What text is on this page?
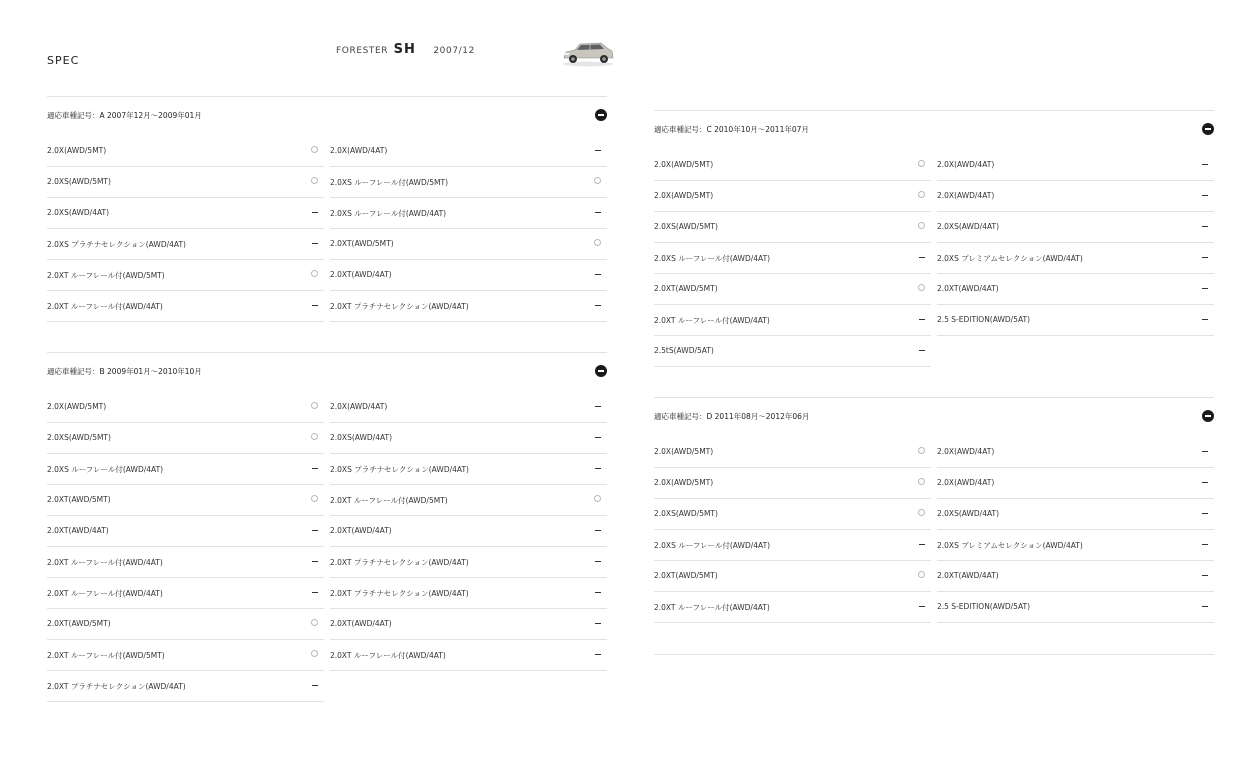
SPEC
FORESTER SH 2007/12
適応車種記号：A 2007年12月～2009年01月
2.0X(AWD/5MT)
2.0XS(AWD/5MT)
2.0XS(AWD/4AT)
2.0XS プラチナセレクション(AWD/4AT)
2.0XT ルーフレール付(AWD/5MT)
2.0XT ルーフレール付(AWD/4AT)
2.0X(AWD/4AT)
2.0XS ルーフレール付(AWD/5MT)
2.0XS ルーフレール付(AWD/4AT)
2.0XT(AWD/5MT)
2.0XT(AWD/4AT)
2.0XT プラチナセレクション(AWD/4AT)
適応車種記号：B 2009年01月～2010年10月
2.0X(AWD/5MT)
2.0XS(AWD/5MT)
2.0XS ルーフレール付(AWD/4AT)
2.0XT(AWD/5MT)
2.0XT(AWD/4AT)
2.0XT ルーフレール付(AWD/4AT)
2.0XT ルーフレール付(AWD/4AT)
2.0XT(AWD/5MT)
2.0XT ルーフレール付(AWD/5MT)
2.0XT プラチナセレクション(AWD/4AT)
2.0X(AWD/4AT)
2.0XS(AWD/4AT)
2.0XS プラチナセレクション(AWD/4AT)
2.0XT ルーフレール付(AWD/5MT)
2.0XT(AWD/4AT)
2.0XT プラチナセレクション(AWD/4AT)
2.0XT プラチナセレクション(AWD/4AT)
2.0XT(AWD/4AT)
2.0XT ルーフレール付(AWD/4AT)
適応車種記号：C 2010年10月～2011年07月
2.0X(AWD/5MT)
2.0X(AWD/5MT)
2.0XS(AWD/5MT)
2.0XS ルーフレール付(AWD/4AT)
2.0XT(AWD/5MT)
2.0XT ルーフレール付(AWD/4AT)
2.5tS(AWD/5AT)
2.0X(AWD/4AT)
2.0X(AWD/4AT)
2.0XS(AWD/4AT)
2.0XS プレミアムセレクション(AWD/4AT)
2.0XT(AWD/4AT)
2.5 S-EDITION(AWD/5AT)
適応車種記号：D 2011年08月～2012年06月
2.0X(AWD/5MT)
2.0X(AWD/5MT)
2.0XS(AWD/5MT)
2.0XS ルーフレール付(AWD/4AT)
2.0XT(AWD/5MT)
2.0XT ルーフレール付(AWD/4AT)
2.0X(AWD/4AT)
2.0X(AWD/4AT)
2.0XS(AWD/4AT)
2.0XS プレミアムセレクション(AWD/4AT)
2.0XT(AWD/4AT)
2.5 S-EDITION(AWD/5AT)
